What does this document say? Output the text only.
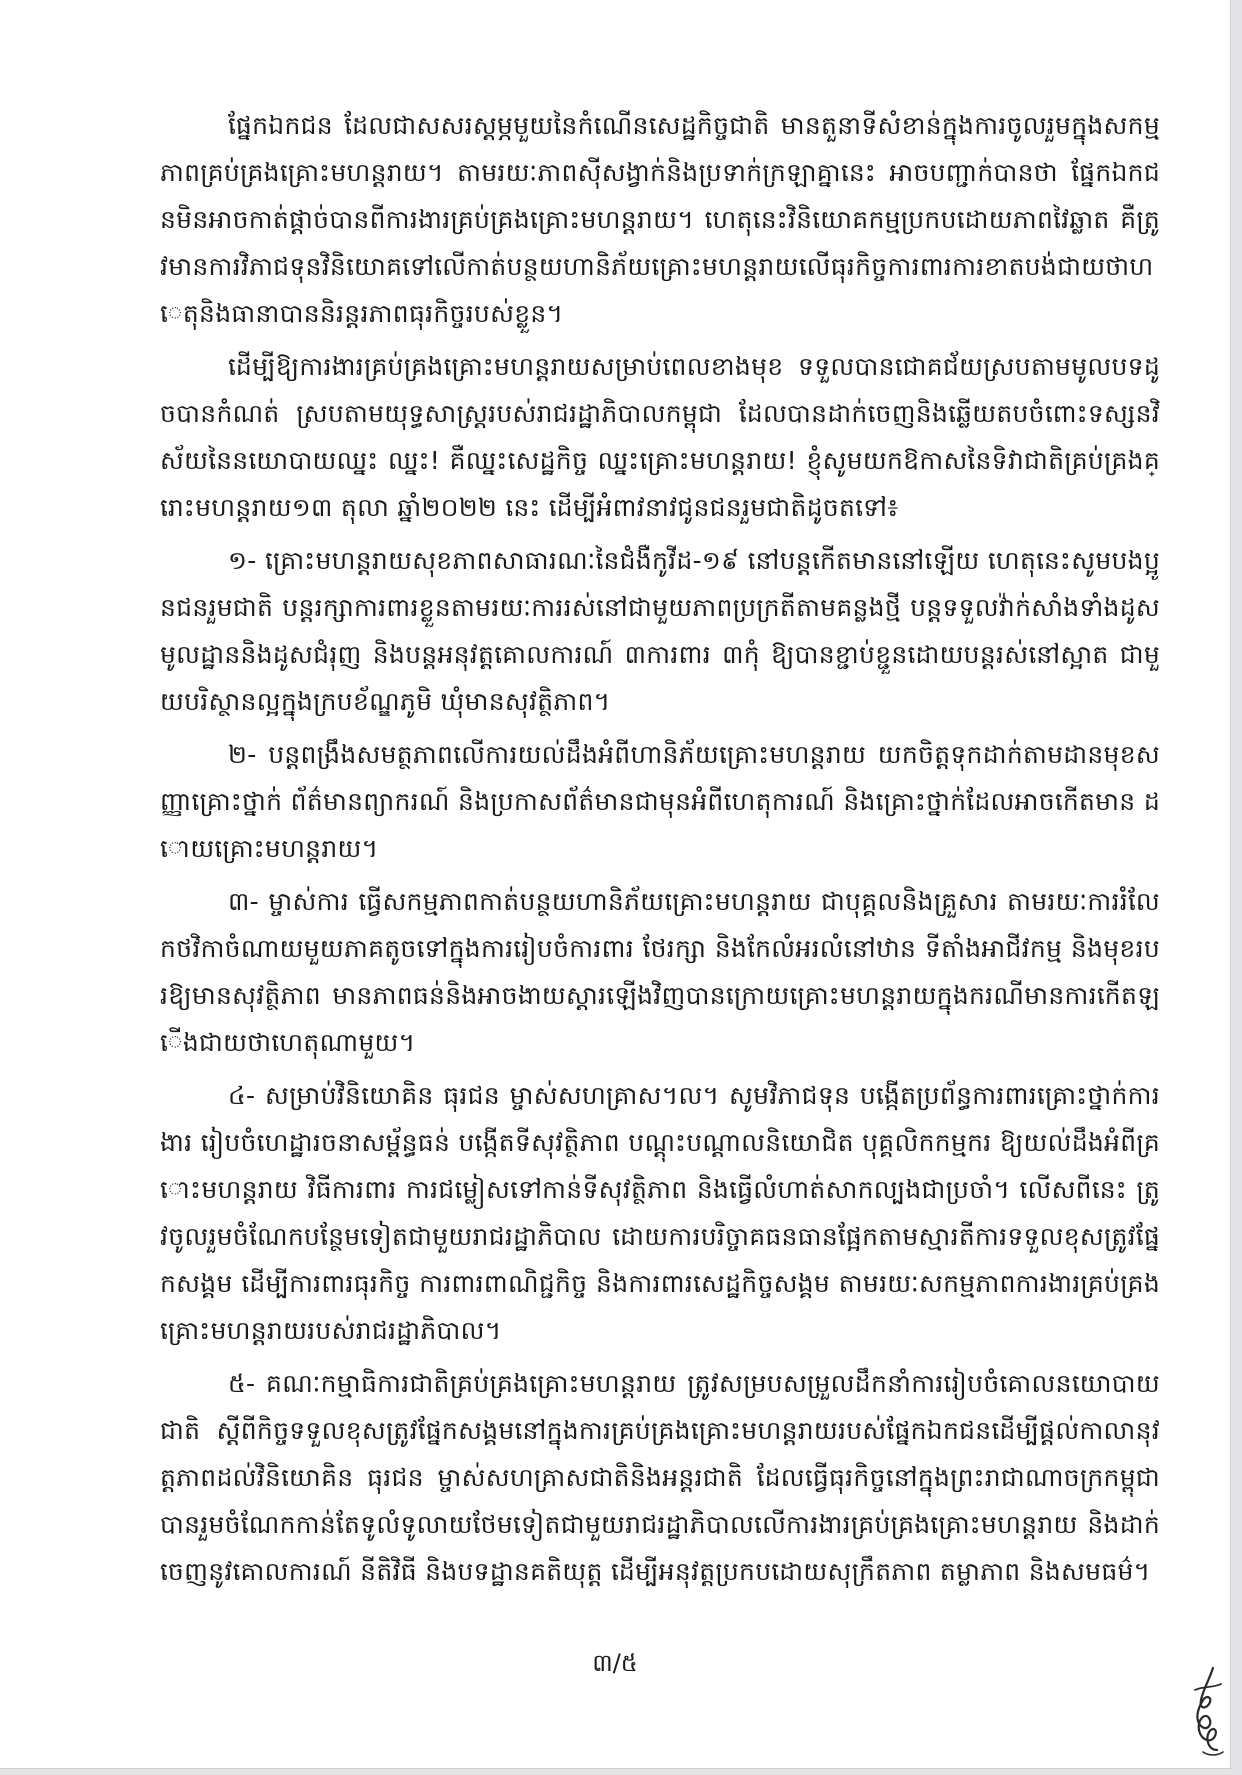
ផ្នែកឯកជន ដែលជាសសរស្តម្ភមួយនៃកំណើនសេដ្ឋកិច្ចជាតិ មានតួនាទីសំខាន់ក្នុងការចូលរួមក្នុងសកម្មភាពគ្រប់គ្រងគ្រោះមហន្តរាយ។ តាមរយៈភាពស៊ីសង្វាក់និងប្រទាក់ក្រឡាគ្នានេះ អាចបញ្ជាក់បានថា ផ្នែកឯកជនមិនអាចកាត់ផ្តាច់បានពីការងារគ្រប់គ្រងគ្រោះមហន្តរាយ។ ហេតុនេះវិនិយោគកម្មប្រកបដោយភាពវៃឆ្លាត គឺត្រូវមានការវិភាជទុនវិនិយោគទៅលើកាត់បន្ថយហានិភ័យគ្រោះមហន្តរាយលើធុរកិច្ចការពារការខាតបង់ជាយថាហេតុនិងធានាបាននិរន្តរភាពធុរកិច្ចរបស់ខ្លួន។

ដើម្បីឱ្យការងារគ្រប់គ្រងគ្រោះមហន្តរាយសម្រាប់ពេលខាងមុខ ទទួលបានជោគជ័យស្របតាមមូលបទដូចបានកំណត់ ស្របតាមយុទ្ធសាស្ត្ររបស់រាជរដ្ឋាភិបាលកម្ពុជា ដែលបានដាក់ចេញនិងឆ្លើយតបចំពោះទស្សនវិស័យនៃនយោបាយឈ្នះ ឈ្នះ! គឺឈ្នះសេដ្ឋកិច្ច ឈ្នះគ្រោះមហន្តរាយ! ខ្ញុំសូមយកឱកាសនៃទិវាជាតិគ្រប់គ្រងគ្រោះមហន្តរាយ១៣ តុលា ឆ្នាំ២០២២ នេះ ដើម្បីអំពាវនាវជូនជនរួមជាតិដូចតទៅ៖

១- គ្រោះមហន្តរាយសុខភាពសាធារណៈនៃជំងឺកូវីដ-១៩ នៅបន្តកើតមាននៅឡើយ ហេតុនេះសូមបងប្អូនជនរួមជាតិ បន្តរក្សាការពារខ្លួនតាមរយៈការរស់នៅជាមួយភាពប្រក្រតីតាមគន្លងថ្មី បន្តទទួលវ៉ាក់សាំងទាំងដូសមូលដ្ឋាននិងដូសជំរុញ និងបន្តអនុវត្តគោលការណ៍ ៣ការពារ ៣កុំ ឱ្យបានខ្ជាប់ខ្ជួនដោយបន្តរស់នៅស្អាត ជាមួយបរិស្ថានល្អក្នុងក្របខ័ណ្ឌភូមិ ឃុំមានសុវត្ថិភាព។

២- បន្តពង្រឹងសមត្ថភាពលើការយល់ដឹងអំពីហានិភ័យគ្រោះមហន្តរាយ យកចិត្តទុកដាក់តាមដានមុខសញ្ញាគ្រោះថ្នាក់ ព័ត៌មានព្យាករណ៍ និងប្រកាសព័ត៌មានជាមុនអំពីហេតុការណ៍ និងគ្រោះថ្នាក់ដែលអាចកើតមាន ដោយគ្រោះមហន្តរាយ។

៣- ម្ចាស់ការ ធ្វើសកម្មភាពកាត់បន្ថយហានិភ័យគ្រោះមហន្តរាយ ជាបុគ្គលនិងគ្រួសារ តាមរយៈការរំលែកថវិកាចំណាយមួយភាគតូចទៅក្នុងការរៀបចំការពារ ថែរក្សា និងកែលំអរលំនៅឋាន ទីតាំងអាជីវកម្ម និងមុខរបរឱ្យមានសុវត្ថិភាព មានភាពធន់និងអាចងាយស្តារឡើងវិញបានក្រោយគ្រោះមហន្តរាយក្នុងករណីមានការកើតឡើងជាយថាហេតុណាមួយ។

៤- សម្រាប់វិនិយោគិន ធុរជន ម្ចាស់សហគ្រាស។ល។ សូមវិភាជទុន បង្កើតប្រព័ន្ធការពារគ្រោះថ្នាក់ការងារ រៀបចំហេដ្ឋារចនាសម្ព័ន្ធធន់ បង្កើតទីសុវត្ថិភាព បណ្តុះបណ្តាលនិយោជិត បុគ្គលិកកម្មករ ឱ្យយល់ដឹងអំពីគ្រោះមហន្តរាយ វិធីការពារ ការជម្លៀសទៅកាន់ទីសុវត្ថិភាព និងធ្វើលំហាត់សាកល្បងជាប្រចាំ។ លើសពីនេះ ត្រូវចូលរួមចំណែកបន្ថែមទៀតជាមួយរាជរដ្ឋាភិបាល ដោយការបរិច្ចាគធនធានផ្អែកតាមស្មារតីការទទួលខុសត្រូវផ្នែកសង្គម ដើម្បីការពារធុរកិច្ច ការពារពាណិជ្ជកិច្ច និងការពារសេដ្ឋកិច្ចសង្គម តាមរយៈសកម្មភាពការងារគ្រប់គ្រងគ្រោះមហន្តរាយរបស់រាជរដ្ឋាភិបាល។

៥- គណៈកម្មាធិការជាតិគ្រប់គ្រងគ្រោះមហន្តរាយ ត្រូវសម្របសម្រួលដឹកនាំការរៀបចំគោលនយោបាយជាតិ ស្តីពីកិច្ចទទួលខុសត្រូវផ្នែកសង្គមនៅក្នុងការគ្រប់គ្រងគ្រោះមហន្តរាយរបស់ផ្នែកឯកជនដើម្បីផ្តល់កាលានុវត្តភាពដល់វិនិយោគិន ធុរជន ម្ចាស់សហគ្រាសជាតិនិងអន្តរជាតិ ដែលធ្វើធុរកិច្ចនៅក្នុងព្រះរាជាណាចក្រកម្ពុជា បានរួមចំណែកកាន់តែទូលំទូលាយថែមទៀតជាមួយរាជរដ្ឋាភិបាលលើការងារគ្រប់គ្រងគ្រោះមហន្តរាយ និងដាក់ចេញនូវគោលការណ៍ នីតិវិធី និងបទដ្ឋានគតិយុត្ត ដើម្បីអនុវត្តប្រកបដោយសុក្រឹតភាព តម្លាភាព និងសមធម៌។

៣/៥
